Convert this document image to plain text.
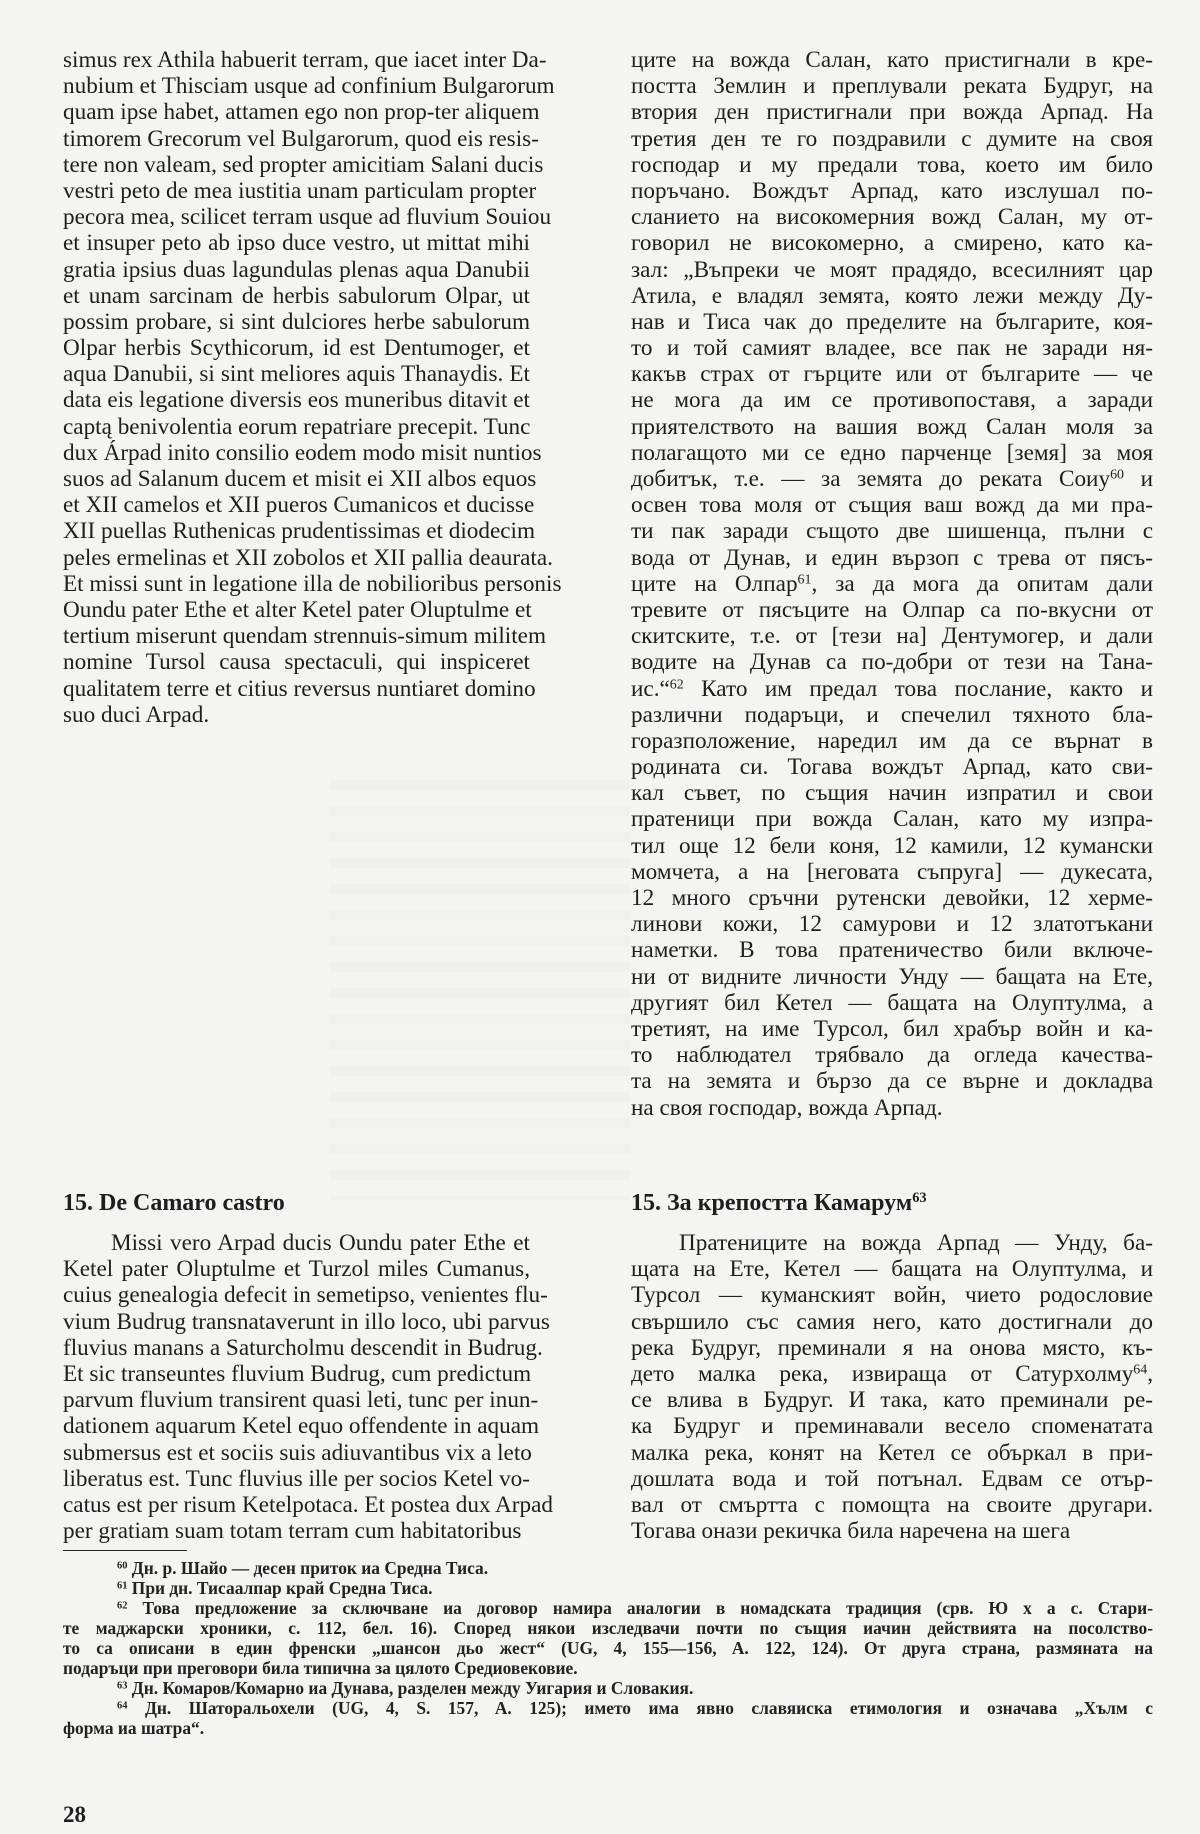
simus rex Athila habuerit terram, que iacet inter Da-
nubium et Thisciam usque ad confinium Bulgarorum
quam ipse habet, attamen ego non prop-ter aliquem
timorem Grecorum vel Bulgarorum, quod eis resis-
tere non valeam, sed propter amicitiam Salani ducis
vestri peto de mea iustitia unam particulam propter
pecora mea, scilicet terram usque ad fluvium Souiou
et insuper peto ab ipso duce vestro, ut mittat mihi
gratia ipsius duas lagundulas plenas aqua Danubii
et unam sarcinam de herbis sabulorum Olpar, ut
possim probare, si sint dulciores herbe sabulorum
Olpar herbis Scythicorum, id est Dentumoger, et
aqua Danubii, si sint meliores aquis Thanaydis. Et
data eis legatione diversis eos muneribus ditavit et
captą benivolentia eorum repatriare precepit. Tunc
dux Árpad inito consilio eodem modo misit nuntios
suos ad Salanum ducem et misit ei XII albos equos
et XII camelos et XII pueros Cumanicos et ducisse
XII puellas Ruthenicas prudentissimas et diodecim
peles ermelinas et XII zobolos et XII pallia deaurata.
Et missi sunt in legatione illa de nobilioribus personis
Oundu pater Ethe et alter Ketel pater Oluptulme et
tertium miserunt quendam strennuis-simum militem
nomine Tursol causa spectaculi, qui inspiceret
qualitatem terre et citius reversus nuntiaret domino
suo duci Arpad.
15. De Camaro castro
Missi vero Arpad ducis Oundu pater Ethe et
Ketel pater Oluptulme et Turzol miles Cumanus,
cuius genealogia defecit in semetipso, venientes flu-
vium Budrug transnataverunt in illo loco, ubi parvus
fluvius manans a Saturcholmu descendit in Budrug.
Et sic transeuntes fluvium Budrug, cum predictum
parvum fluvium transirent quasi leti, tunc per inun-
dationem aquarum Ketel equo offendente in aquam
submersus est et sociis suis adiuvantibus vix a leto
liberatus est. Tunc fluvius ille per socios Ketel vo-
catus est per risum Ketelpotaca. Et postea dux Arpad
per gratiam suam totam terram cum habitatoribus
ците на вожда Салан, като пристигнали в кре-
постта Землин и преплували реката Будруг, на
втория ден пристигнали при вожда Арпад. На
третия ден те го поздравили с думите на своя
господар и му предали това, което им било
поръчано. Вождът Арпад, като изслушал по-
сланието на високомерния вожд Салан, му от-
говорил не високомерно, а смирено, като ка-
зал: „Въпреки че моят прадядо, всесилният цар
Атила, е владял земята, която лежи между Ду-
нав и Тиса чак до пределите на българите, коя-
то и той самият владее, все пак не заради ня-
какъв страх от гърците или от българите — че
не мога да им се противопоставя, а заради
приятелството на вашия вожд Салан моля за
полагащото ми се едно парченце [земя] за моя
добитък, т.е. — за земята до реката Соиу$^{60}$ и
освен това моля от същия ваш вожд да ми пра-
ти пак заради същото две шишенца, пълни с
вода от Дунав, и един вързоп с трева от пясъ-
ците на Олпар$^{61}$, за да мога да опитам дали
тревите от пясъците на Олпар са по-вкусни от
скитските, т.е. от [тези на] Дентумогер, и дали
водите на Дунав са по-добри от тези на Тана-
ис.“$^{62}$ Като им предал това послание, както и
различни подаръци, и спечелил тяхното бла-
горазположение, наредил им да се върнат в
родината си. Тогава вождът Арпад, като сви-
кал съвет, по същия начин изпратил и свои
пратеници при вожда Салан, като му изпра-
тил още 12 бели коня, 12 камили, 12 кумански
момчета, а на [неговата съпруга] — дукесата,
12 много сръчни рутенски девойки, 12 херме-
линови кожи, 12 самурови и 12 златотъкани
наметки. В това пратеничество били включе-
ни от видните личности Унду — бащата на Ете,
другият бил Кетел — бащата на Олуптулма, а
третият, на име Турсол, бил храбър войн и ка-
то наблюдател трябвало да огледа качества-
та на земята и бързо да се върне и докладва
на своя господар, вожда Арпад.
15. За крепостта Камарум$^{63}$
Пратениците на вожда Арпад — Унду, ба-
щата на Ете, Кетел — бащата на Олуптулма, и
Турсол — куманският войн, чието родословие
свършило със самия него, като достигнали до
река Будруг, преминали я на онова място, къ-
дето малка река, извираща от Сатурхолму$^{64}$,
се влива в Будруг. И така, като преминали ре-
ка Будруг и преминавали весело споменатата
малка река, конят на Кетел се объркал в при-
дошлата вода и той потънал. Едвам се отър-
вал от смъртта с помощта на своите другари.
Тогава онази рекичка била наречена на шега
$^{60}$ Дн. р. Шайо — десен приток иа Средна Тиса.
$^{61}$ При дн. Тисаалпар край Средна Тиса.
$^{62}$ Това предложение за сключване иа договор намира аналогии в номадската традиция (срв. Ю х а с. Стари-
те маджарски хроники, с. 112, бел. 16). Според някои изследвачи почти по същия иачин действията на посолство-
то са описани в един френски „шансон дьо жест“ (UG, 4, 155—156, A. 122, 124). От друга страна, размяната на
подаръци при преговори била типична за цялото Средиовековие.
$^{63}$ Дн. Комаров/Комарно иа Дунава, разделен между Уигария и Словакия.
$^{64}$ Дн. Шаторальохели (UG, 4, S. 157, A. 125); името има явно славяиска етимология и означава „Хълм с
форма иа шатра“.
28
